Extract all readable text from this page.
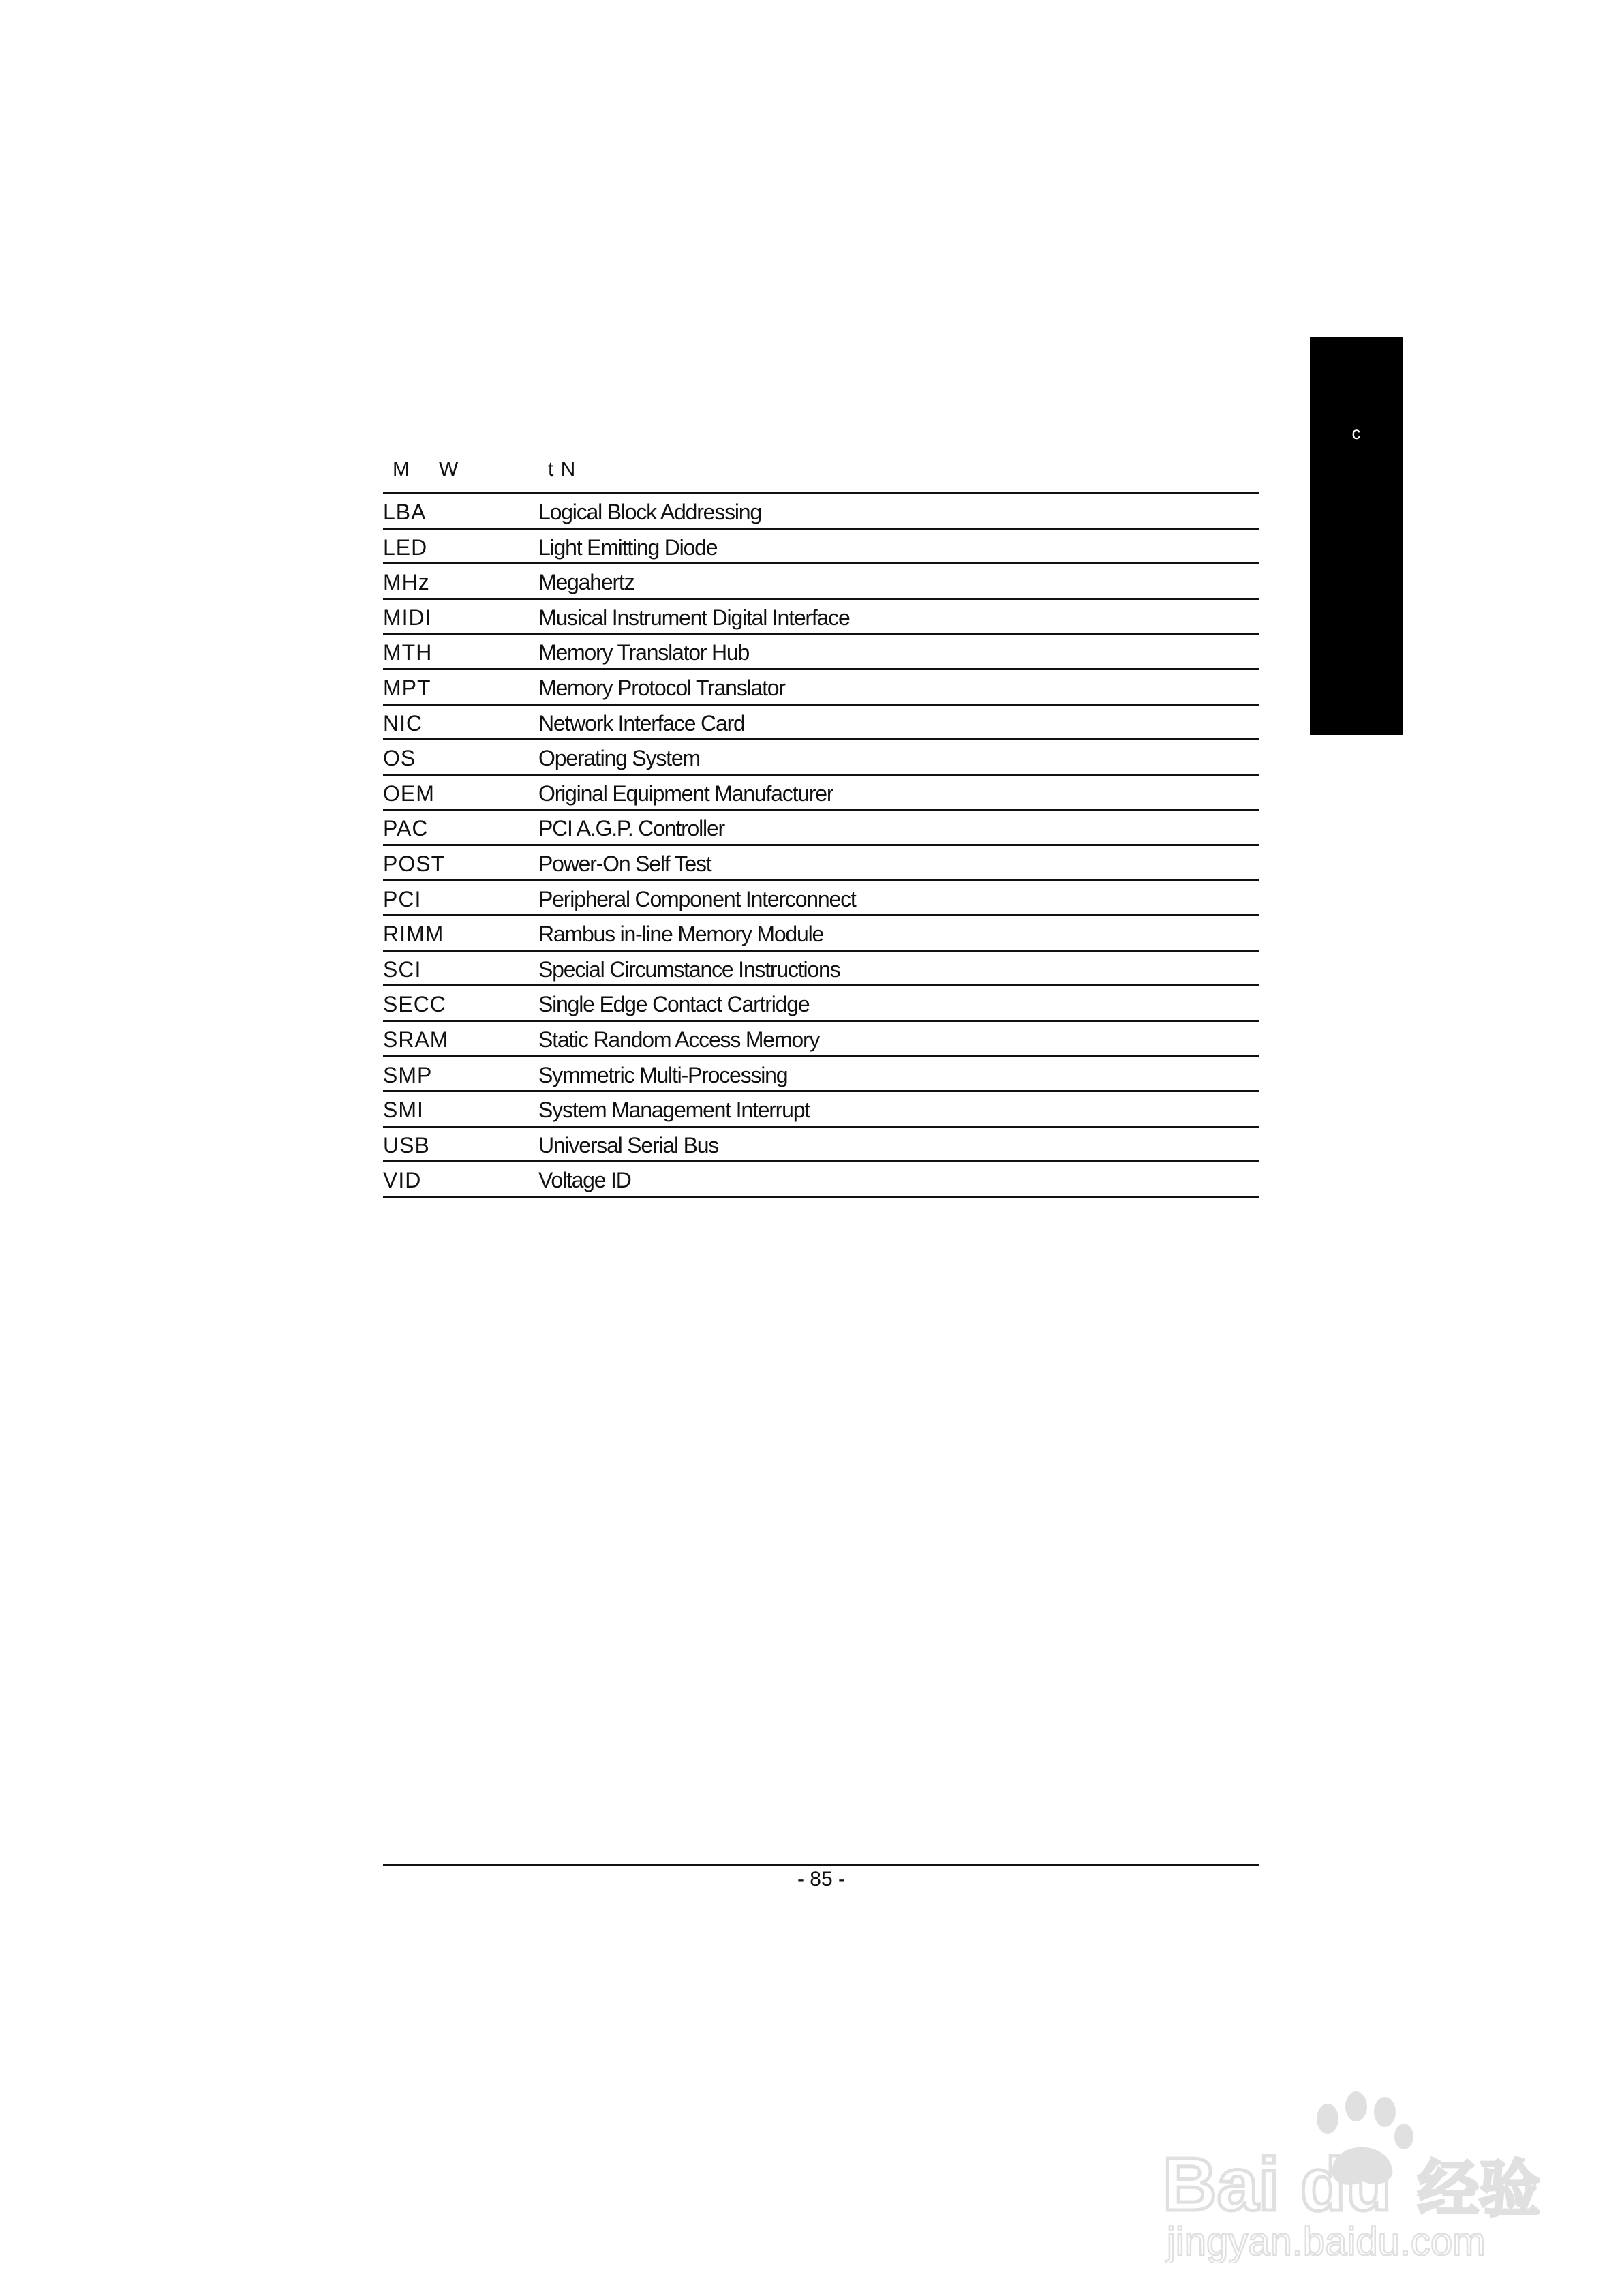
c
M W	t N
LBA	Logical Block Addressing
LED	Light Emitting Diode
MHz	Megahertz
MIDI	Musical Instrument Digital Interface
MTH	Memory Translator Hub
MPT	Memory Protocol Translator
NIC	Network Interface Card
OS	Operating System
OEM	Original Equipment Manufacturer
PAC	PCI A.G.P. Controller
POST	Power-On Self Test
PCI	Peripheral Component Interconnect
RIMM	Rambus in-line Memory Module
SCI	Special Circumstance Instructions
SECC	Single Edge Contact Cartridge
SRAM	Static Random Access Memory
SMP	Symmetric Multi-Processing
SMI	System Management Interrupt
USB	Universal Serial Bus
VID	Voltage ID
- 85 -
Bai du 经验
jingyan.baidu.com
